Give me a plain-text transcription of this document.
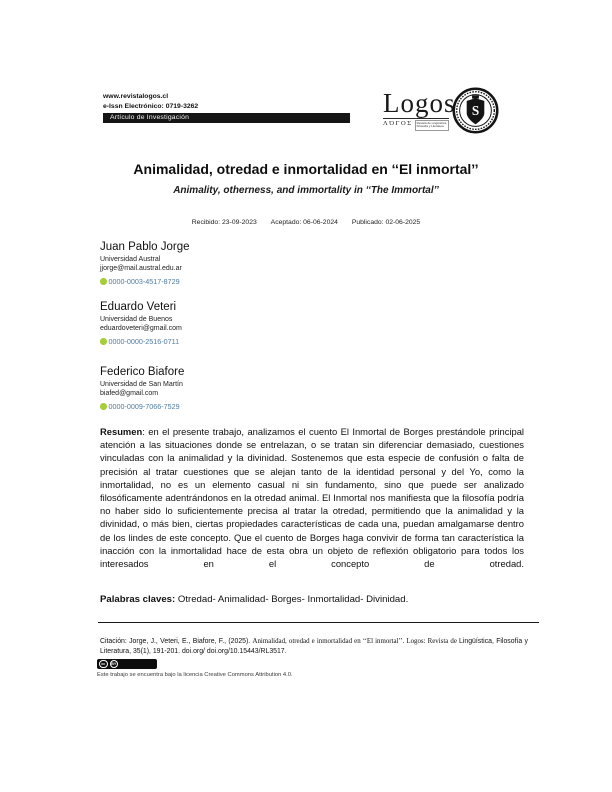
www.revistalogos.cl
e-Issn Electrónico: 0719-3262
Artículo de Investigación	Logos
ΛΌΓΟΣ	Revista de Lingüística,
Filosofía y Literatura
S
Animalidad, otredad e inmortalidad en ‘‘El inmortal’’
Animality, otherness, and immortality in ‘‘The Immortal’’
Recibido: 23-09-2023 Aceptado: 06-06-2024 Publicado: 02-06-2025
Juan Pablo Jorge
Universidad Austral
jjorge@mail.austral.edu.ar
0000-0003-4517-8729
Eduardo Veteri
Universidad de Buenos
eduardoveteri@gmail.com
0000-0000-2516-0711
Federico Biafore
Universidad de San Martín
biafed@gmail.com
0000-0009-7066-7529

Resumen: en el presente trabajo, analizamos el cuento El Inmortal de Borges prestándole principal atención a las situaciones donde se entrelazan, o se tratan sin diferenciar demasiado, cuestiones vinculadas con la animalidad y la divinidad. Sostenemos que esta especie de confusión o falta de precisión al tratar cuestiones que se alejan tanto de la identidad personal y del Yo, como la inmortalidad, no es un elemento casual ni sin fundamento, sino que puede ser analizado filosóficamente adentrándonos en la otredad animal. El Inmortal nos manifiesta que la filosofía podría no haber sido lo suficientemente precisa al tratar la otredad, permitiendo que la animalidad y la divinidad, o más bien, ciertas propiedades características de cada una, puedan amalgamarse dentro de los lindes de este concepto. Que el cuento de Borges haga convivir de forma tan característica la inacción con la inmortalidad hace de esta obra un objeto de reflexión obligatorio para todos los interesados en el concepto de otredad.

Palabras claves: Otredad- Animalidad- Borges- Inmortalidad- Divinidad.

Citación: Jorge, J., Veteri, E., Biafore, F., (2025). Animalidad, otredad e inmortalidad en ‘‘El inmortal’’. Logos: Revista de Lingüística, Filosofía y Literatura, 35(1), 191-201. doi.org/ doi.org/10.15443/RL3517.

cc	BY
Este trabajo se encuentra bajo la licencia Creative Commons Attribution 4.0.
